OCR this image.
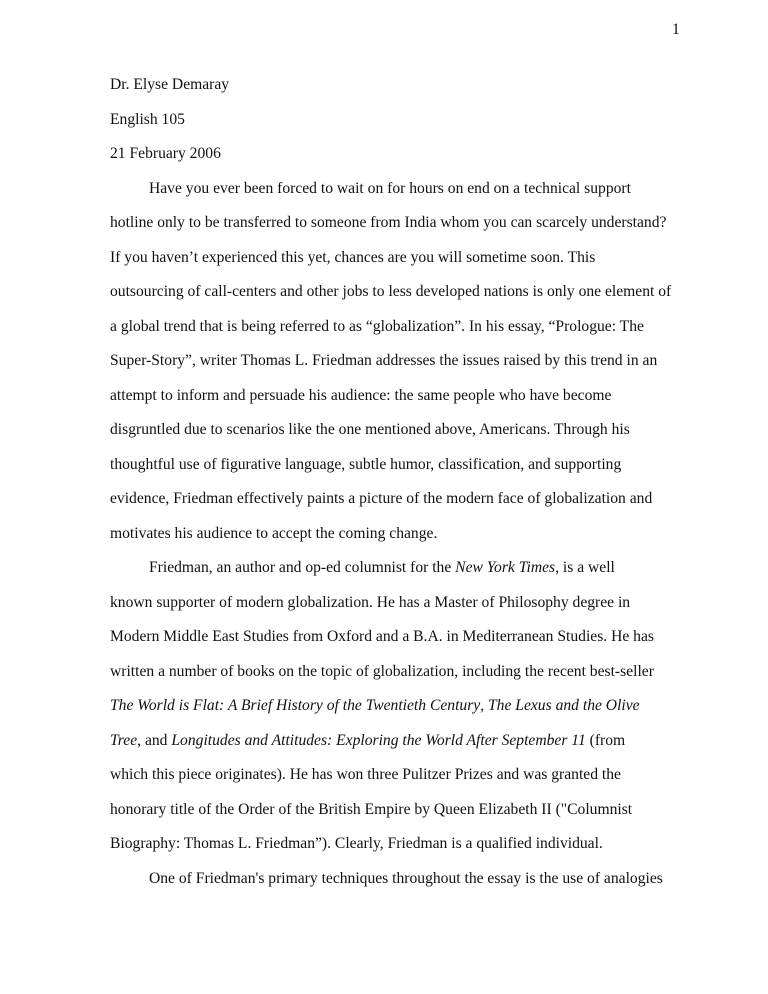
1
Dr. Elyse Demaray
English 105
21 February 2006
Have you ever been forced to wait on for hours on end on a technical support
hotline only to be transferred to someone from India whom you can scarcely understand?
If you haven’t experienced this yet, chances are you will sometime soon. This
outsourcing of call-centers and other jobs to less developed nations is only one element of
a global trend that is being referred to as “globalization”. In his essay, “Prologue: The
Super-Story”, writer Thomas L. Friedman addresses the issues raised by this trend in an
attempt to inform and persuade his audience: the same people who have become
disgruntled due to scenarios like the one mentioned above, Americans. Through his
thoughtful use of figurative language, subtle humor, classification, and supporting
evidence, Friedman effectively paints a picture of the modern face of globalization and
motivates his audience to accept the coming change.
Friedman, an author and op-ed columnist for the New York Times, is a well
known supporter of modern globalization. He has a Master of Philosophy degree in
Modern Middle East Studies from Oxford and a B.A. in Mediterranean Studies. He has
written a number of books on the topic of globalization, including the recent best-seller
The World is Flat: A Brief History of the Twentieth Century, The Lexus and the Olive
Tree, and Longitudes and Attitudes: Exploring the World After September 11 (from
which this piece originates). He has won three Pulitzer Prizes and was granted the
honorary title of the Order of the British Empire by Queen Elizabeth II ("Columnist
Biography: Thomas L. Friedman”). Clearly, Friedman is a qualified individual.
One of Friedman's primary techniques throughout the essay is the use of analogies
